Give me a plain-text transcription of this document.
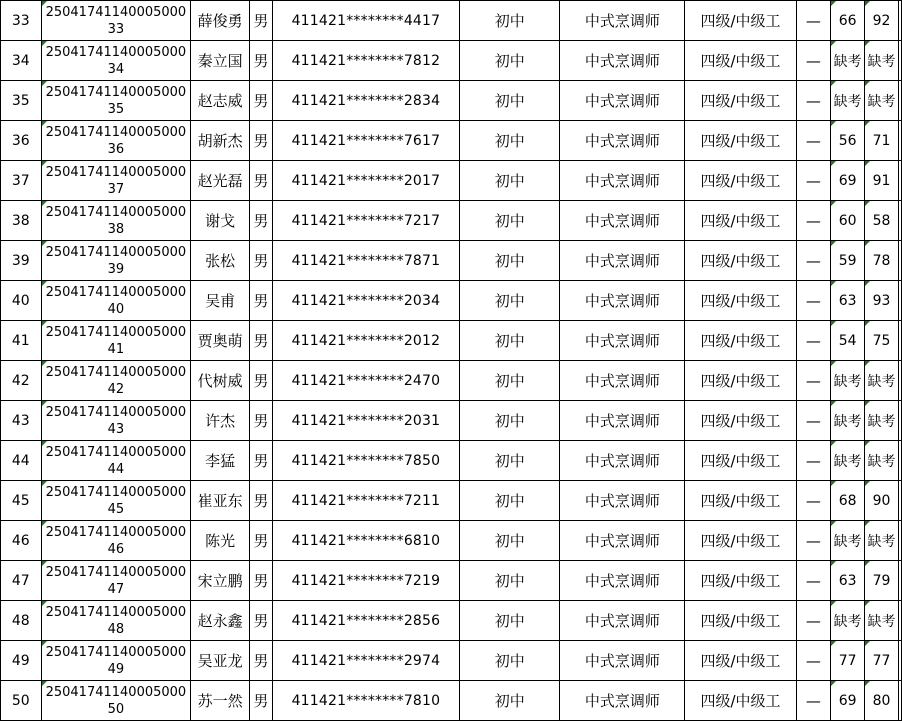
33	2504174114000500033	薛俊勇	男	411421********4417	初中	中式烹调师	四级/中级工	—	66	92	
34	2504174114000500034	秦立国	男	411421********7812	初中	中式烹调师	四级/中级工	—	缺考	缺考	
35	2504174114000500035	赵志威	男	411421********2834	初中	中式烹调师	四级/中级工	—	缺考	缺考	
36	2504174114000500036	胡新杰	男	411421********7617	初中	中式烹调师	四级/中级工	—	56	71	
37	2504174114000500037	赵光磊	男	411421********2017	初中	中式烹调师	四级/中级工	—	69	91	
38	2504174114000500038	谢戈	男	411421********7217	初中	中式烹调师	四级/中级工	—	60	58	
39	2504174114000500039	张松	男	411421********7871	初中	中式烹调师	四级/中级工	—	59	78	
40	2504174114000500040	吴甫	男	411421********2034	初中	中式烹调师	四级/中级工	—	63	93	
41	2504174114000500041	贾奥萌	男	411421********2012	初中	中式烹调师	四级/中级工	—	54	75	
42	2504174114000500042	代树威	男	411421********2470	初中	中式烹调师	四级/中级工	—	缺考	缺考	
43	2504174114000500043	许杰	男	411421********2031	初中	中式烹调师	四级/中级工	—	缺考	缺考	
44	2504174114000500044	李猛	男	411421********7850	初中	中式烹调师	四级/中级工	—	缺考	缺考	
45	2504174114000500045	崔亚东	男	411421********7211	初中	中式烹调师	四级/中级工	—	68	90	
46	2504174114000500046	陈光	男	411421********6810	初中	中式烹调师	四级/中级工	—	缺考	缺考	
47	2504174114000500047	宋立鹏	男	411421********7219	初中	中式烹调师	四级/中级工	—	63	79	
48	2504174114000500048	赵永鑫	男	411421********2856	初中	中式烹调师	四级/中级工	—	缺考	缺考	
49	2504174114000500049	吴亚龙	男	411421********2974	初中	中式烹调师	四级/中级工	—	77	77	
50	2504174114000500050	苏一然	男	411421********7810	初中	中式烹调师	四级/中级工	—	69	80	
